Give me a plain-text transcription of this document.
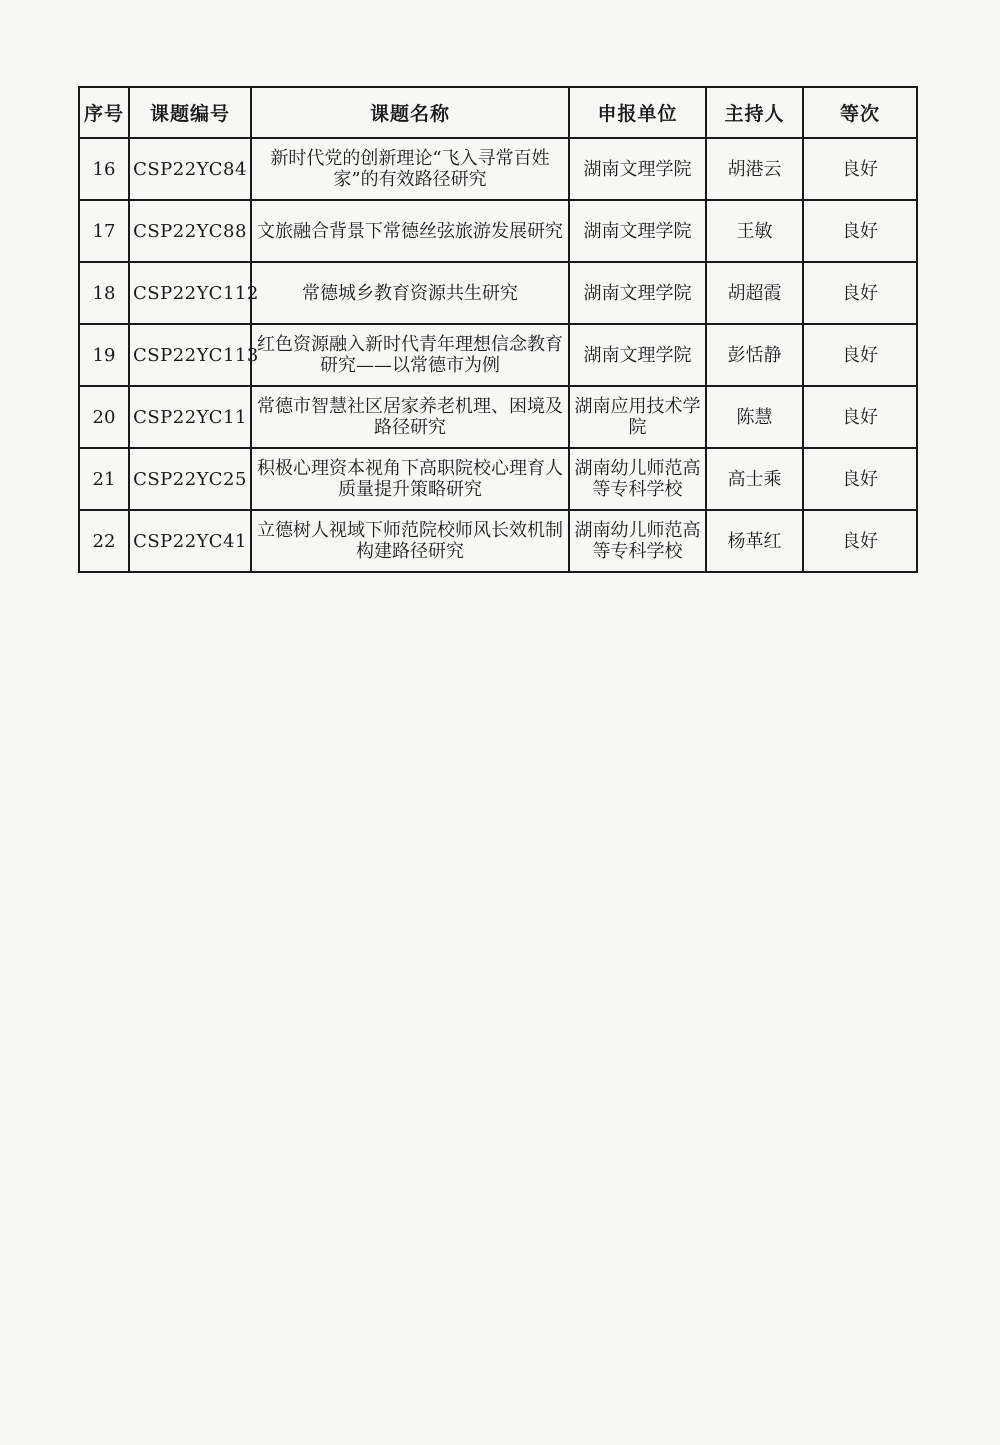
序号	课题编号	课题名称	申报单位	主持人	等次
16	CSP22YC84	新时代党的创新理论“飞入寻常百姓家”的有效路径研究	湖南文理学院	胡港云	良好
17	CSP22YC88	文旅融合背景下常德丝弦旅游发展研究	湖南文理学院	王敏	良好
18	CSP22YC112	常德城乡教育资源共生研究	湖南文理学院	胡超霞	良好
19	CSP22YC113	红色资源融入新时代青年理想信念教育研究——以常德市为例	湖南文理学院	彭恬静	良好
20	CSP22YC11	常德市智慧社区居家养老机理、困境及路径研究	湖南应用技术学院	陈慧	良好
21	CSP22YC25	积极心理资本视角下高职院校心理育人质量提升策略研究	湖南幼儿师范高等专科学校	高士乘	良好
22	CSP22YC41	立德树人视域下师范院校师风长效机制构建路径研究	湖南幼儿师范高等专科学校	杨革红	良好
